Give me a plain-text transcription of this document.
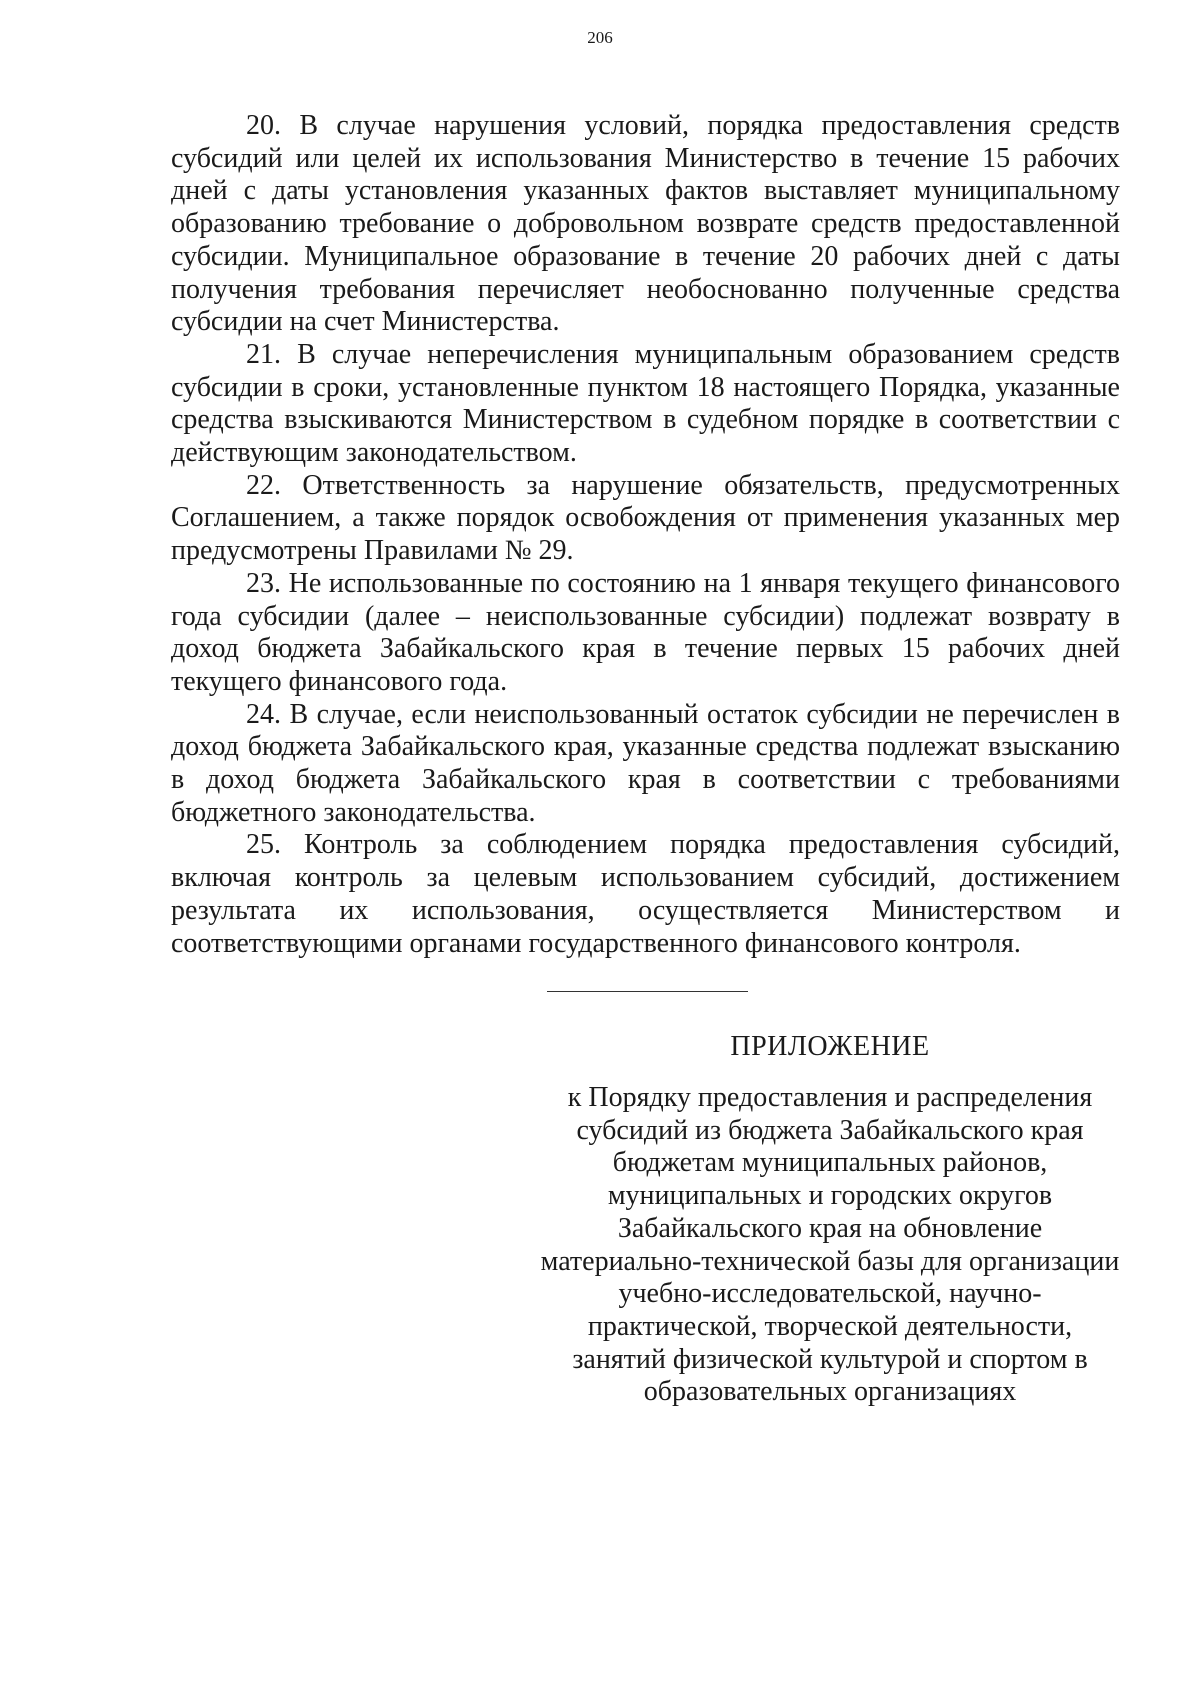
206

20. В случае нарушения условий, порядка предоставления средств субсидий или целей их использования Министерство в течение 15 рабочих дней с даты установления указанных фактов выставляет муниципальному образованию требование о добровольном возврате средств предоставленной субсидии. Муниципальное образование в течение 20 рабочих дней с даты получения требования перечисляет необоснованно полученные средства субсидии на счет Министерства.

21. В случае неперечисления муниципальным образованием средств субсидии в сроки, установленные пунктом 18 настоящего Порядка, указанные средства взыскиваются Министерством в судебном порядке в соответствии с действующим законодательством.

22. Ответственность за нарушение обязательств, предусмотренных Соглашением, а также порядок освобождения от применения указанных мер предусмотрены Правилами № 29.

23. Не использованные по состоянию на 1 января текущего финансового года субсидии (далее – неиспользованные субсидии) подлежат возврату в доход бюджета Забайкальского края в течение первых 15 рабочих дней текущего финансового года.

24. В случае, если неиспользованный остаток субсидии не перечислен в доход бюджета Забайкальского края, указанные средства подлежат взысканию в доход бюджета Забайкальского края в соответствии с требованиями бюджетного законодательства.

25. Контроль за соблюдением порядка предоставления субсидий, включая контроль за целевым использованием субсидий, достижением результата их использования, осуществляется Министерством и соответствующими органами государственного финансового контроля.

ПРИЛОЖЕНИЕ
к Порядку предоставления и распределения
субсидий из бюджета Забайкальского края
бюджетам муниципальных районов,
муниципальных и городских округов
Забайкальского края на обновление
материально-технической базы для организации
учебно-исследовательской, научно-
практической, творческой деятельности,
занятий физической культурой и спортом в
образовательных организациях
